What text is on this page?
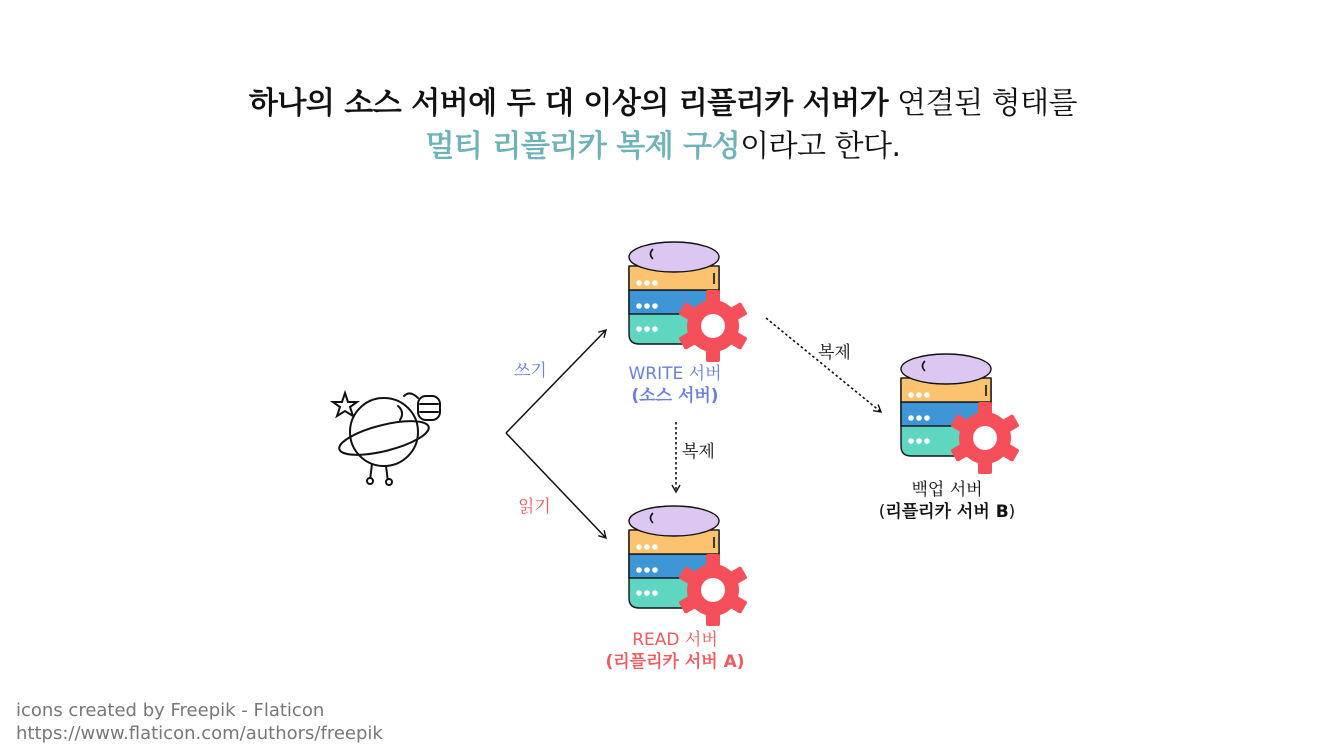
하나의 소스 서버에 두 대 이상의 리플리카 서버가 연결된 형태를
멀티 리플리카 복제 구성이라고 한다.
쓰기
읽기
복제
복제
WRITE 서버
(소스 서버)
READ 서버
(리플리카 서버 A)
백업 서버
(리플리카 서버 B)
icons created by Freepik - Flaticon
https://www.flaticon.com/authors/freepik
